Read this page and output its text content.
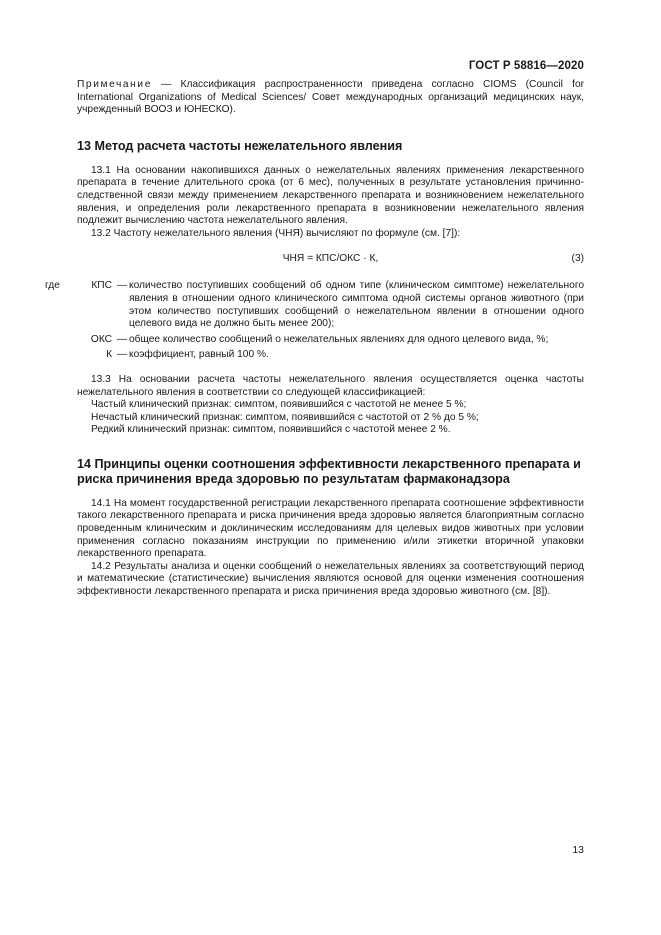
ГОСТ Р 58816—2020

Примечание — Классификация распространенности приведена согласно CIOMS (Council for International Organizations of Medical Sciences/ Совет международных организаций медицинских наук, учрежденный ВООЗ и ЮНЕСКО).

13 Метод расчета частоты нежелательного явления

13.1 На основании накопившихся данных о нежелательных явлениях применения лекарственного препарата в течение длительного срока (от 6 мес), полученных в результате установления причинно-следственной связи между применением лекарственного препарата и возникновением нежелательного явления, и определения роли лекарственного препарата в возникновении нежелательного явления подлежит вычислению частота нежелательного явления.

13.2 Частоту нежелательного явления (ЧНЯ) вычисляют по формуле (см. [7]):

ЧНЯ = КПС/ОКС · К,	(3)
где	КПС — количество поступивших сообщений об одном типе (клиническом симптоме) нежелательного явления в отношении одного клинического симптома одной системы органов животного (при этом количество поступивших сообщений о нежелательном явлении в отношении одного целевого вида не должно быть менее 200);
ОКС — общее количество сообщений о нежелательных явлениях для одного целевого вида, %;
К — коэффициент, равный 100 %.

13.3 На основании расчета частоты нежелательного явления осуществляется оценка частоты нежелательного явления в соответствии со следующей классификацией:

Частый клинический признак: симптом, появившийся с частотой не менее 5 %;

Нечастый клинический признак: симптом, появившийся с частотой от 2 % до 5 %;

Редкий клинический признак: симптом, появившийся с частотой менее 2 %.

14 Принципы оценки соотношения эффективности лекарственного препарата и риска причинения вреда здоровью по результатам фармаконадзора

14.1 На момент государственной регистрации лекарственного препарата соотношение эффективности такого лекарственного препарата и риска причинения вреда здоровью является благоприятным согласно проведенным клиническим и доклиническим исследованиям для целевых видов животных при условии применения согласно показаниям инструкции по применению и/или этикетки вторичной упаковки лекарственного препарата.

14.2 Результаты анализа и оценки сообщений о нежелательных явлениях за соответствующий период и математические (статистические) вычисления являются основой для оценки изменения соотношения эффективности лекарственного препарата и риска причинения вреда здоровью животного (см. [8]).

13
